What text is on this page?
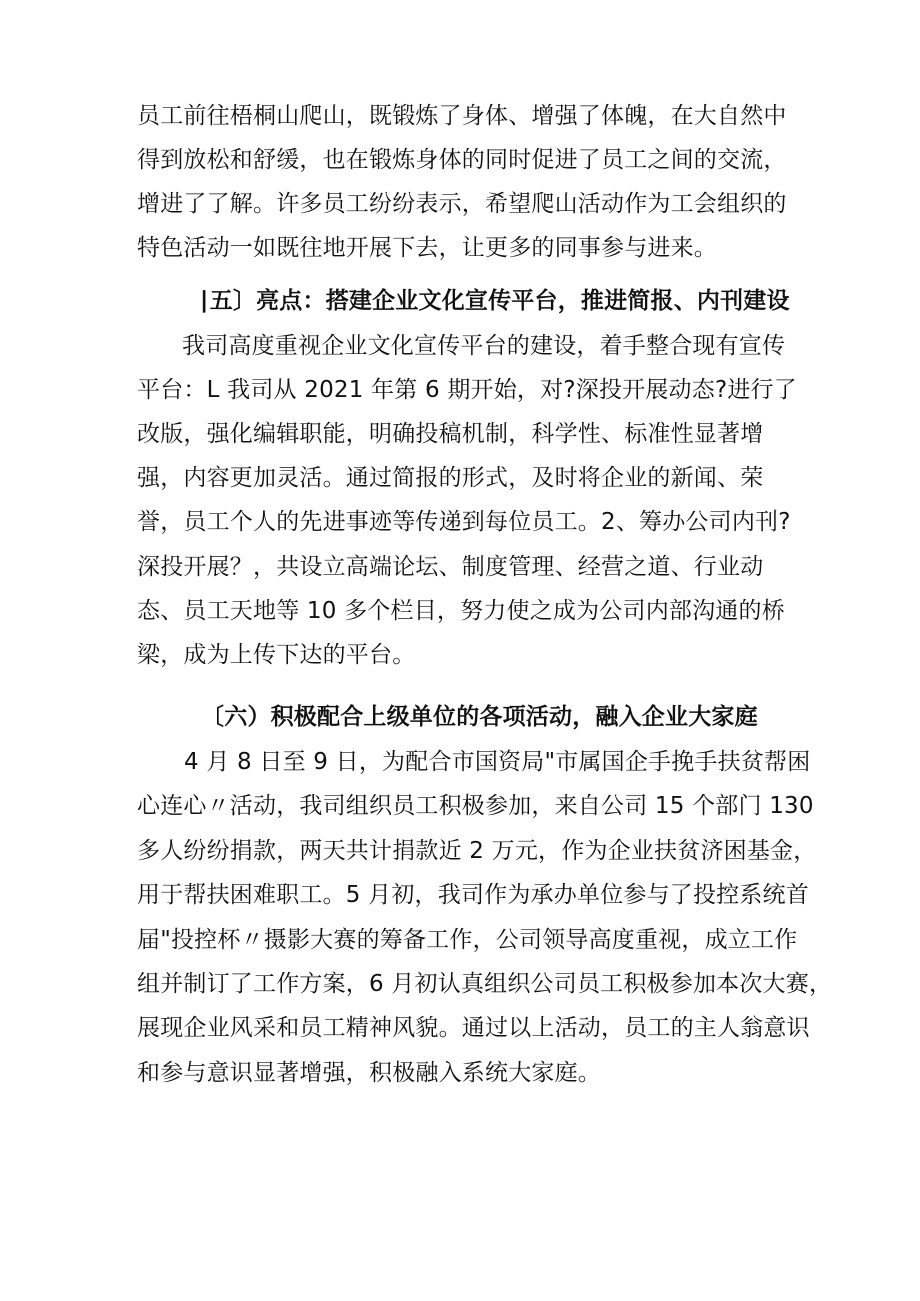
员工前往梧桐山爬山，既锻炼了身体、增强了体魄，在大自然中
得到放松和舒缓，也在锻炼身体的同时促进了员工之间的交流，
增进了了解。许多员工纷纷表示，希望爬山活动作为工会组织的
特色活动一如既往地开展下去，让更多的同事参与进来。
∣五〕亮点：搭建企业文化宣传平台，推进简报、内刊建设
我司高度重视企业文化宣传平台的建设，着手整合现有宣传
平台：L 我司从 2021 年第 6 期开始，对?深投开展动态?进行了
改版，强化编辑职能，明确投稿机制，科学性、标准性显著增
强，内容更加灵活。通过简报的形式，及时将企业的新闻、荣
誉，员工个人的先进事迹等传递到每位员工。2、筹办公司内刊?
深投开展？，共设立高端论坛、制度管理、经营之道、行业动
态、员工天地等 10 多个栏目，努力使之成为公司内部沟通的桥
梁，成为上传下达的平台。
〔六）积极配合上级单位的各项活动，融入企业大家庭
4 月 8 日至 9 日，为配合市国资局"市属国企手挽手扶贫帮困
心连心〃活动，我司组织员工积极参加，来自公司 15 个部门 130
多人纷纷捐款，两天共计捐款近 2 万元，作为企业扶贫济困基金，
用于帮扶困难职工。5 月初，我司作为承办单位参与了投控系统首
届"投控杯〃摄影大赛的筹备工作，公司领导高度重视，成立工作
组并制订了工作方案，6 月初认真组织公司员工积极参加本次大赛，
展现企业风采和员工精神风貌。通过以上活动，员工的主人翁意识
和参与意识显著增强，积极融入系统大家庭。
